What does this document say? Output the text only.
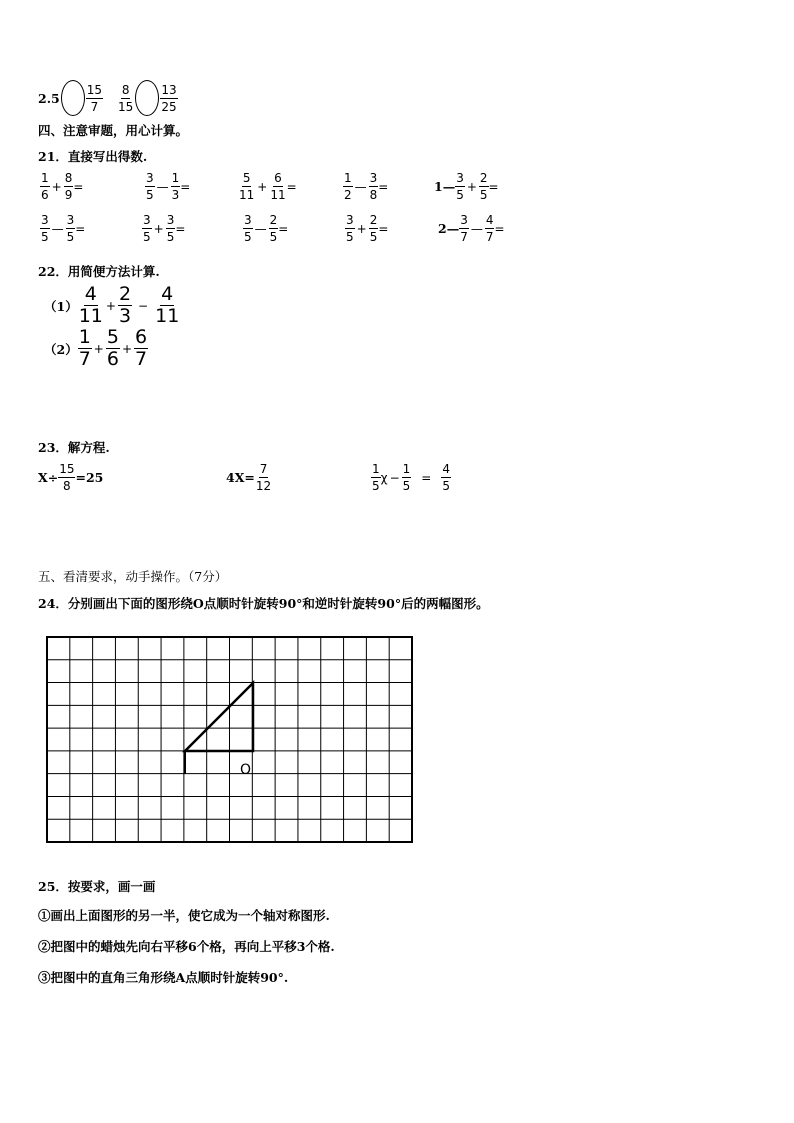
$2.5 \frac{15}{7} \frac{8}{15} \frac{13}{25}$
四、注意审题，用心计算。
21．直接写出得数.
$\frac{1}{6} + \frac{8}{9}$ =	$\frac{3}{5}$ — $\frac{1}{3}$ =	$\frac{5}{11} + \frac{6}{11}$ =	$\frac{1}{2}$ — $\frac{3}{8}$ =	1— $\frac{3}{5} + \frac{2}{5}$ =
$\frac{3}{5}$ — $\frac{3}{5}$ =	$\frac{3}{5} + \frac{3}{5}$ =	$\frac{3}{5}$ — $\frac{2}{5}$ =	$\frac{3}{5} + \frac{2}{5}$ =	2— $\frac{3}{7}$ — $\frac{4}{7}$ =
22．用简便方法计算.
$(1) \frac{4}{11} + \frac{2}{3} - \frac{4}{11}$
$(2) \frac{1}{7} + \frac{5}{6} + \frac{6}{7}$
23．解方程.
$X\div \frac{15}{8} =25$	$4X= \frac{7}{12}$	$\frac{1}{5}$ $\chi - \frac{1}{5} = \frac{4}{5}$
五、看清要求，动手操作。（7分）
24．分别画出下面的图形绕O点顺时针旋转90°和逆时针旋转90°后的两幅图形。
O
25．按要求，画一画
①画出上面图形的另一半，使它成为一个轴对称图形.
②把图中的蜡烛先向右平移6个格，再向上平移3个格.
③把图中的直角三角形绕A点顺时针旋转90°.
